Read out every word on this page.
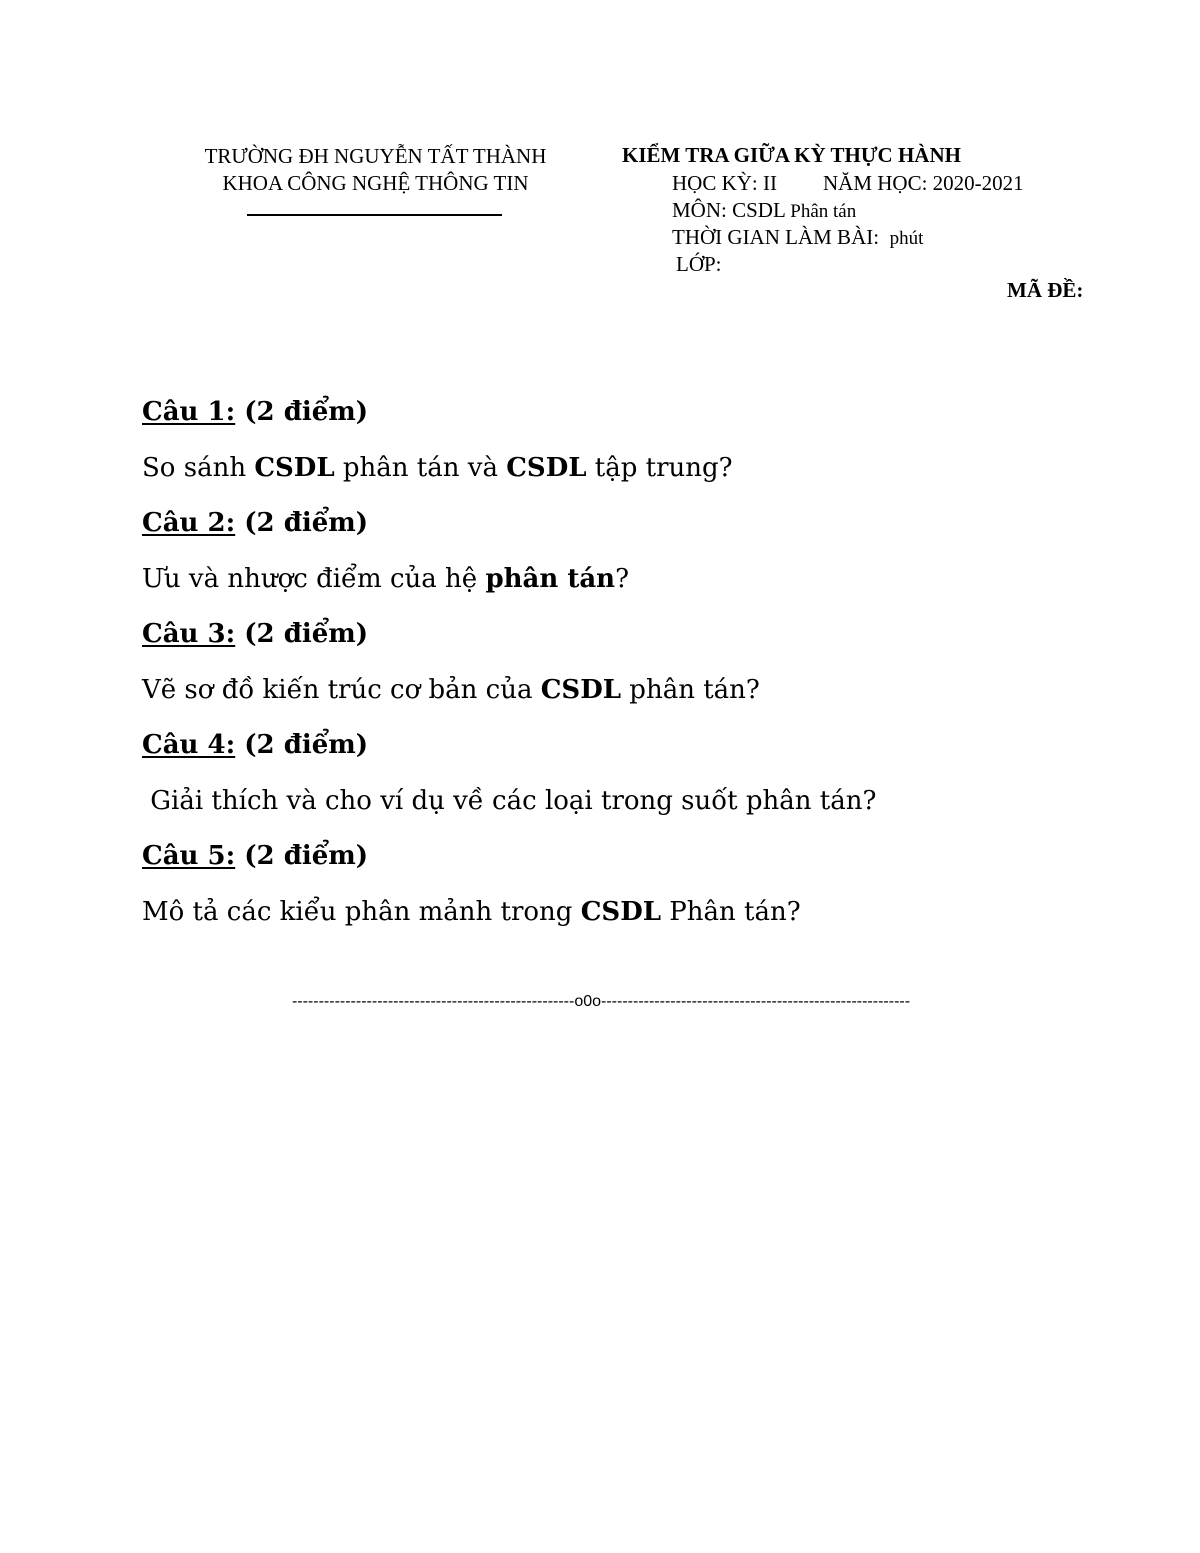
TRƯỜNG ĐH NGUYỄN TẤT THÀNH
KHOA CÔNG NGHỆ THÔNG TIN
KIỂM TRA GIỮA KỲ THỰC HÀNH
HỌC KỲ: II NĂM HỌC: 2020-2021
MÔN: CSDL Phân tán
THỜI GIAN LÀM BÀI: phút
LỚP:
MÃ ĐỀ:
Câu 1: (2 điểm)
So sánh CSDL phân tán và CSDL tập trung?
Câu 2: (2 điểm)
Ưu và nhược điểm của hệ phân tán?
Câu 3: (2 điểm)
Vẽ sơ đồ kiến trúc cơ bản của CSDL phân tán?
Câu 4: (2 điểm)
Giải thích và cho ví dụ về các loại trong suốt phân tán?
Câu 5: (2 điểm)
Mô tả các kiểu phân mảnh trong CSDL Phân tán?
-----------------------------------------------------o0o----------------------------------------------------------
